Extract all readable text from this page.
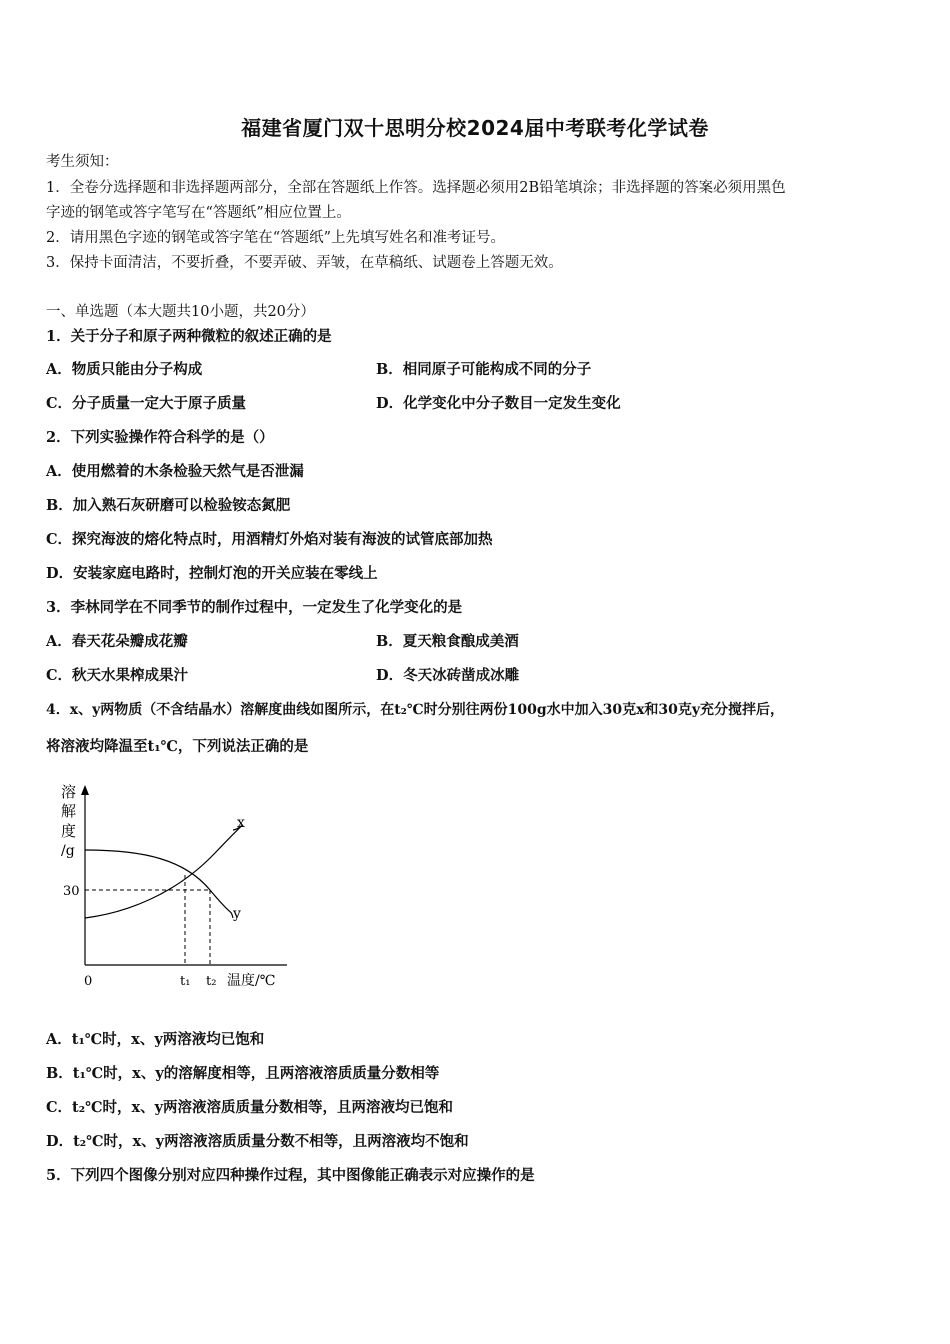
福建省厦门双十思明分校2024届中考联考化学试卷
考生须知：
1．全卷分选择题和非选择题两部分，全部在答题纸上作答。选择题必须用2B铅笔填涂；非选择题的答案必须用黑色
字迹的钢笔或答字笔写在“答题纸”相应位置上。
2．请用黑色字迹的钢笔或答字笔在“答题纸”上先填写姓名和准考证号。
3．保持卡面清洁，不要折叠，不要弄破、弄皱，在草稿纸、试题卷上答题无效。
一、单选题（本大题共10小题，共20分）
1．关于分子和原子两种微粒的叙述正确的是
A．物质只能由分子构成	B．相同原子可能构成不同的分子
C．分子质量一定大于原子质量	D．化学变化中分子数目一定发生变化
2．下列实验操作符合科学的是（）
A．使用燃着的木条检验天然气是否泄漏
B．加入熟石灰研磨可以检验铵态氮肥
C．探究海波的熔化特点时，用酒精灯外焰对装有海波的试管底部加热
D．安装家庭电路时，控制灯泡的开关应装在零线上
3．李林同学在不同季节的制作过程中，一定发生了化学变化的是
A．春天花朵瓣成花瓣	B．夏天粮食酿成美酒
C．秋天水果榨成果汁	D．冬天冰砖凿成冰雕
4．x、y两物质（不含结晶水）溶解度曲线如图所示，在t₂℃时分别往两份100g水中加入30克x和30克y充分搅拌后，
将溶液均降温至t₁℃，下列说法正确的是
溶
解
度
/g
x
y
30
0	t₁ t₂ 温度/℃
A．t₁℃时，x、y两溶液均已饱和
B．t₁℃时，x、y的溶解度相等，且两溶液溶质质量分数相等
C．t₂℃时，x、y两溶液溶质质量分数相等，且两溶液均已饱和
D．t₂℃时，x、y两溶液溶质质量分数不相等，且两溶液均不饱和
5．下列四个图像分别对应四种操作过程，其中图像能正确表示对应操作的是
